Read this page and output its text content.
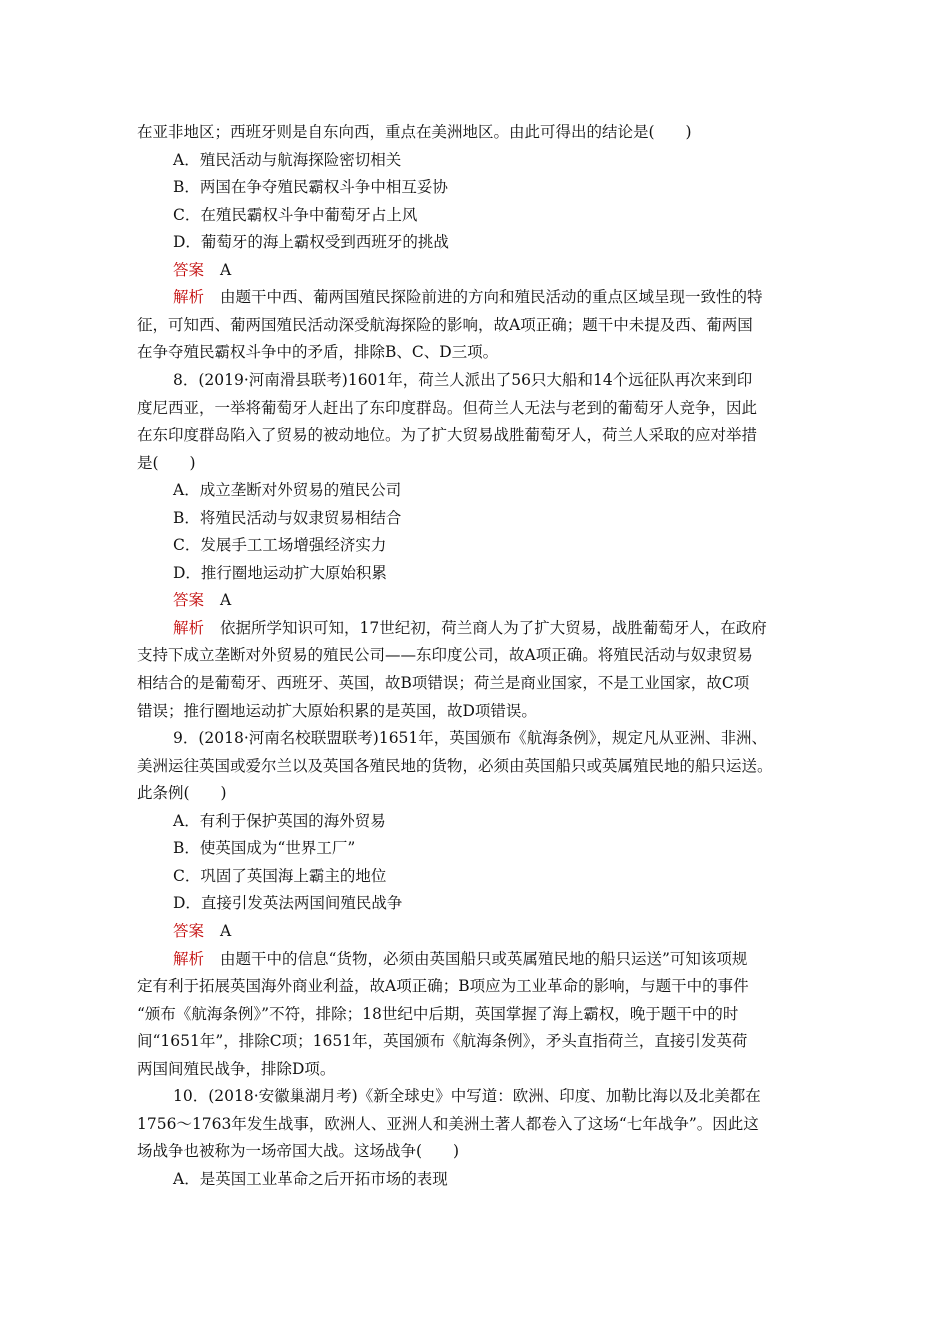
在亚非地区；西班牙则是自东向西，重点在美洲地区。由此可得出的结论是(　　)
A．殖民活动与航海探险密切相关
B．两国在争夺殖民霸权斗争中相互妥协
C．在殖民霸权斗争中葡萄牙占上风
D．葡萄牙的海上霸权受到西班牙的挑战
答案 A
解析 由题干中西、葡两国殖民探险前进的方向和殖民活动的重点区域呈现一致性的特
征，可知西、葡两国殖民活动深受航海探险的影响，故A项正确；题干中未提及西、葡两国
在争夺殖民霸权斗争中的矛盾，排除B、C、D三项。
8．(2019·河南滑县联考)1601年，荷兰人派出了56只大船和14个远征队再次来到印
度尼西亚，一举将葡萄牙人赶出了东印度群岛。但荷兰人无法与老到的葡萄牙人竞争，因此
在东印度群岛陷入了贸易的被动地位。为了扩大贸易战胜葡萄牙人，荷兰人采取的应对举措
是(　　)
A．成立垄断对外贸易的殖民公司
B．将殖民活动与奴隶贸易相结合
C．发展手工工场增强经济实力
D．推行圈地运动扩大原始积累
答案 A
解析 依据所学知识可知，17世纪初，荷兰商人为了扩大贸易，战胜葡萄牙人，在政府
支持下成立垄断对外贸易的殖民公司——东印度公司，故A项正确。将殖民活动与奴隶贸易
相结合的是葡萄牙、西班牙、英国，故B项错误；荷兰是商业国家，不是工业国家，故C项
错误；推行圈地运动扩大原始积累的是英国，故D项错误。
9．(2018·河南名校联盟联考)1651年，英国颁布《航海条例》，规定凡从亚洲、非洲、
美洲运往英国或爱尔兰以及英国各殖民地的货物，必须由英国船只或英属殖民地的船只运送。
此条例(　　)
A．有利于保护英国的海外贸易
B．使英国成为“世界工厂”
C．巩固了英国海上霸主的地位
D．直接引发英法两国间殖民战争
答案 A
解析 由题干中的信息“货物，必须由英国船只或英属殖民地的船只运送”可知该项规
定有利于拓展英国海外商业利益，故A项正确；B项应为工业革命的影响，与题干中的事件
“颁布《航海条例》”不符，排除；18世纪中后期，英国掌握了海上霸权，晚于题干中的时
间“1651年”，排除C项；1651年，英国颁布《航海条例》，矛头直指荷兰，直接引发英荷
两国间殖民战争，排除D项。
10．(2018·安徽巢湖月考)《新全球史》中写道：欧洲、印度、加勒比海以及北美都在
1756～1763年发生战事，欧洲人、亚洲人和美洲土著人都卷入了这场“七年战争”。因此这
场战争也被称为一场帝国大战。这场战争(　　)
A．是英国工业革命之后开拓市场的表现
